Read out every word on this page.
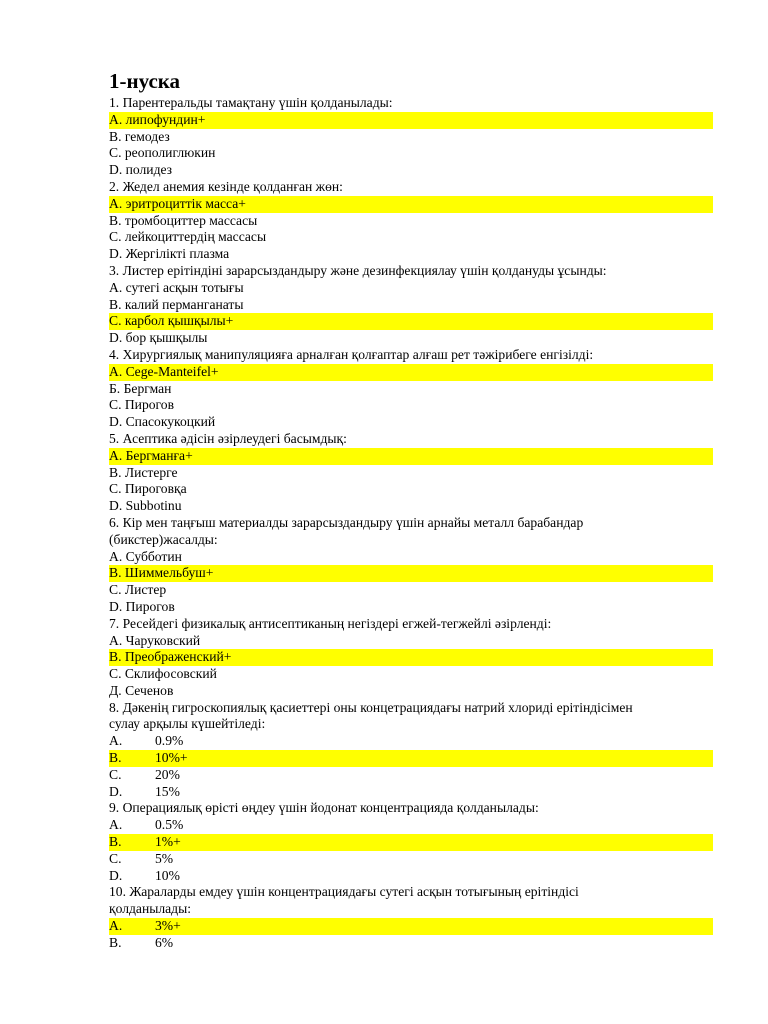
1-нуска
1. Парентеральды тамақтану үшін қолданылады:
А. липофундин+
В. гемодез
С. реополиглюкин
D. полидез
2. Жедел анемия кезінде қолданған жөн:
А. эритроциттік масса+
В. тромбоциттер массасы
С. лейкоциттердің массасы
D. Жергілікті плазма
3. Листер ерітіндіні зарарсыздандыру және дезинфекциялау үшін қолдануды ұсынды:
А. сутегі асқын тотығы
В. калий перманганаты
С. карбол қышқылы+
D. бор қышқылы
4. Хирургиялық манипуляцияға арналған қолғаптар алғаш рет тәжірибеге енгізілді:
А. Cege-Manteifel+
Б. Бергман
С. Пирогов
D. Спасокукоцкий
5. Асептика әдісін әзірлеудегі басымдық:
А. Бергманға+
В. Листерге
С. Пироговқа
D. Subbotinu
6. Кір мен таңғыш материалды зарарсыздандыру үшін арнайы металл барабандар
(бикстер)жасалды:
А. Субботин
В. Шиммельбуш+
С. Листер
D. Пирогов
7. Ресейдегі физикалық антисептиканың негіздері егжей-тегжейлі әзірленді:
А. Чаруковский
В. Преображенский+
С. Склифосовский
Д. Сеченов
8. Дәкенің гигроскопиялық қасиеттері оны концетрациядағы натрий хлориді ерітіндісімен
сулау арқылы күшейтіледі:
А. 0.9%
В. 10%+
С. 20%
D. 15%
9. Операциялық өрісті өңдеу үшін йодонат концентрацияда қолданылады:
А. 0.5%
В. 1%+
С. 5%
D. 10%
10. Жараларды емдеу үшін концентрациядағы сутегі асқын тотығының ерітіндісі
қолданылады:
А. 3%+
В. 6%
